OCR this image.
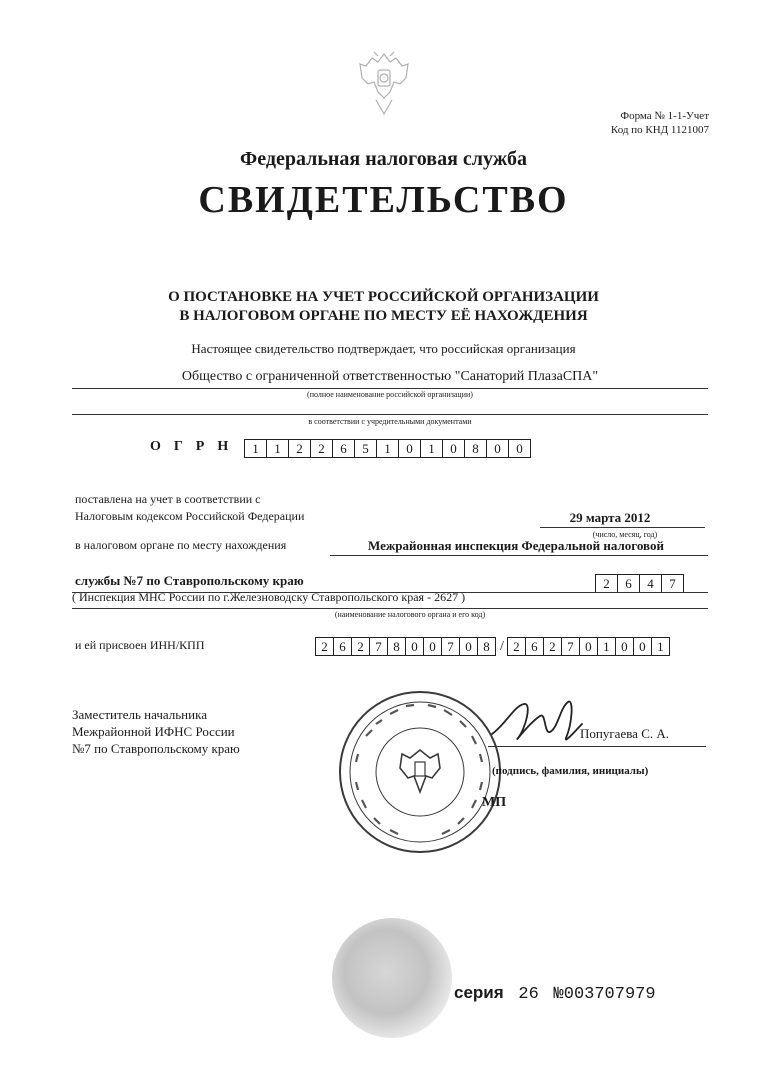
Форма № 1-1-Учет
Код по КНД 1121007
Федеральная налоговая служба
СВИДЕТЕЛЬСТВО
О ПОСТАНОВКЕ НА УЧЕТ РОССИЙСКОЙ ОРГАНИЗАЦИИ
В НАЛОГОВОМ ОРГАНЕ ПО МЕСТУ ЕЁ НАХОЖДЕНИЯ
Настоящее свидетельство подтверждает, что российская организация
Общество с ограниченной ответственностью "Санаторий ПлазаСПА"
(полное наименование российской организации)
в соответствии с учредительными документами
ОГРН 1	1	2	2	6	5	1	0	1	0	8	0	0
поставлена на учет в соответствии с
Налоговым кодексом Российской Федерации	29 марта 2012
(число, месяц, год)
в налоговом органе по месту нахождения	Межрайонная инспекция Федеральной налоговой
службы №7 по Ставропольскому краю	2	6	4	7
( Инспекция МНС России по г.Железноводску Ставропольского края - 2627 )
(наименование налогового органа и его код)
и ей присвоен ИНН/КПП	2 6 2 7 8 0 0 7 0 8 / 2 6 2 7 0 1 0 0 1
Заместитель начальника
Межрайонной ИФНС России
№7 по Ставропольскому краю
Попугаева С. А.
(подпись, фамилия, инициалы)
МП
серия 26 №003707979
